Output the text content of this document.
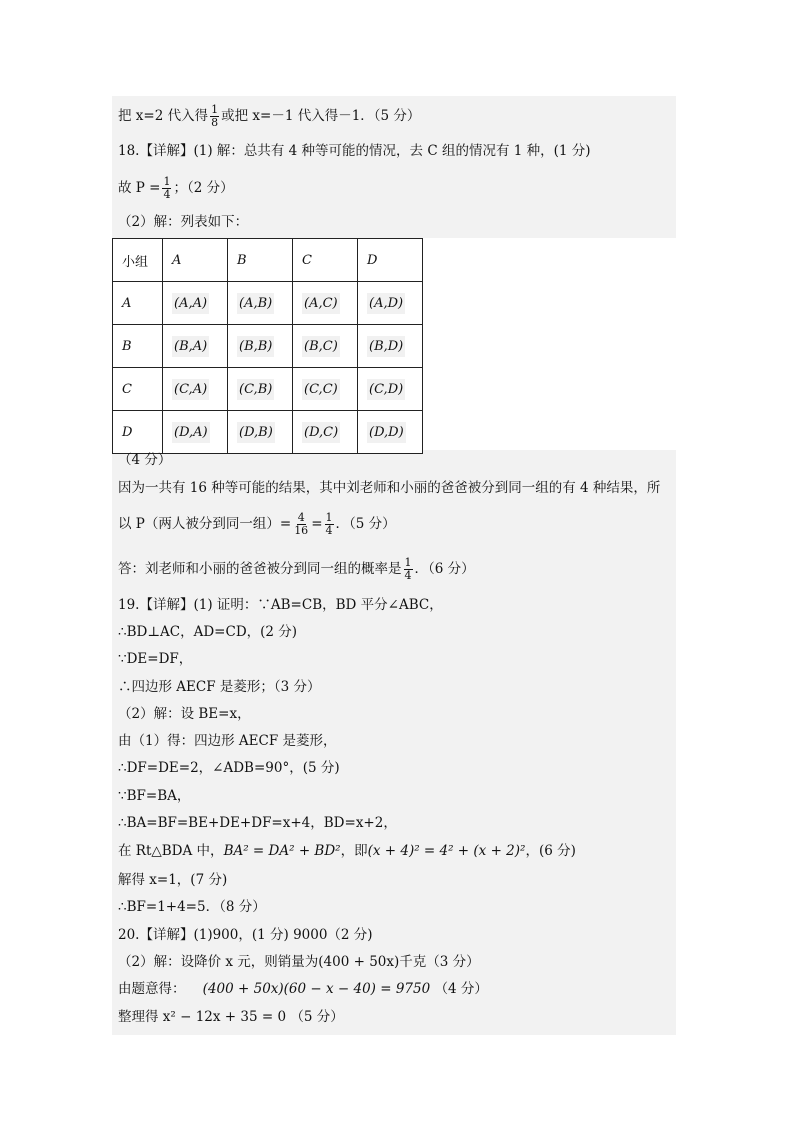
把 x=2 代入得 $\frac{1}{8}$ 或把 x=－1 代入得－1．（5 分）
18.【详解】(1) 解：总共有 4 种等可能的情况，去 C 组的情况有 1 种，(1 分)
故 $P = \frac{1}{4}$ ；（2 分）
（2）解：列表如下：
小组	A	B	C	D
A	(A,A)	(A,B)	(A,C)	(A,D)
B	(B,A)	(B,B)	(B,C)	(B,D)
C	(C,A)	(C,B)	(C,C)	(C,D)
D	(D,A)	(D,B)	(D,C)	(D,D)
（4 分）
因为一共有 16 种等可能的结果，其中刘老师和小丽的爸爸被分到同一组的有 4 种结果，所
以 P（两人被分到同一组）= $\frac{4}{16} = \frac{1}{4}$ ．（5 分）
答：刘老师和小丽的爸爸被分到同一组的概率是 $\frac{1}{4}$ ．（6 分）
19.【详解】(1) 证明：∵AB=CB，BD 平分∠ABC，
∴BD⊥AC，AD=CD，(2 分)
∵DE=DF，
∴四边形 AECF 是菱形；（3 分）
（2）解：设 BE=x，
由（1）得：四边形 AECF 是菱形，
∴DF=DE=2，∠ADB=90°，(5 分)
∵BF=BA，
∴BA=BF=BE+DE+DF=x+4，BD=x+2，
在 Rt△BDA 中，BA² = DA² + BD²，即(x + 4)² = 4² + (x + 2)²，(6 分)
解得 x=1，(7 分)
∴BF=1+4=5．（8 分）
20.【详解】(1)900，(1 分) 9000（2 分)
（2）解：设降价 x 元，则销量为(400 + 50x)千克（3 分）
由题意得： (400 + 50x)(60 − x − 40) = 9750 （4 分）
整理得 x² − 12x + 35 = 0 （5 分）
